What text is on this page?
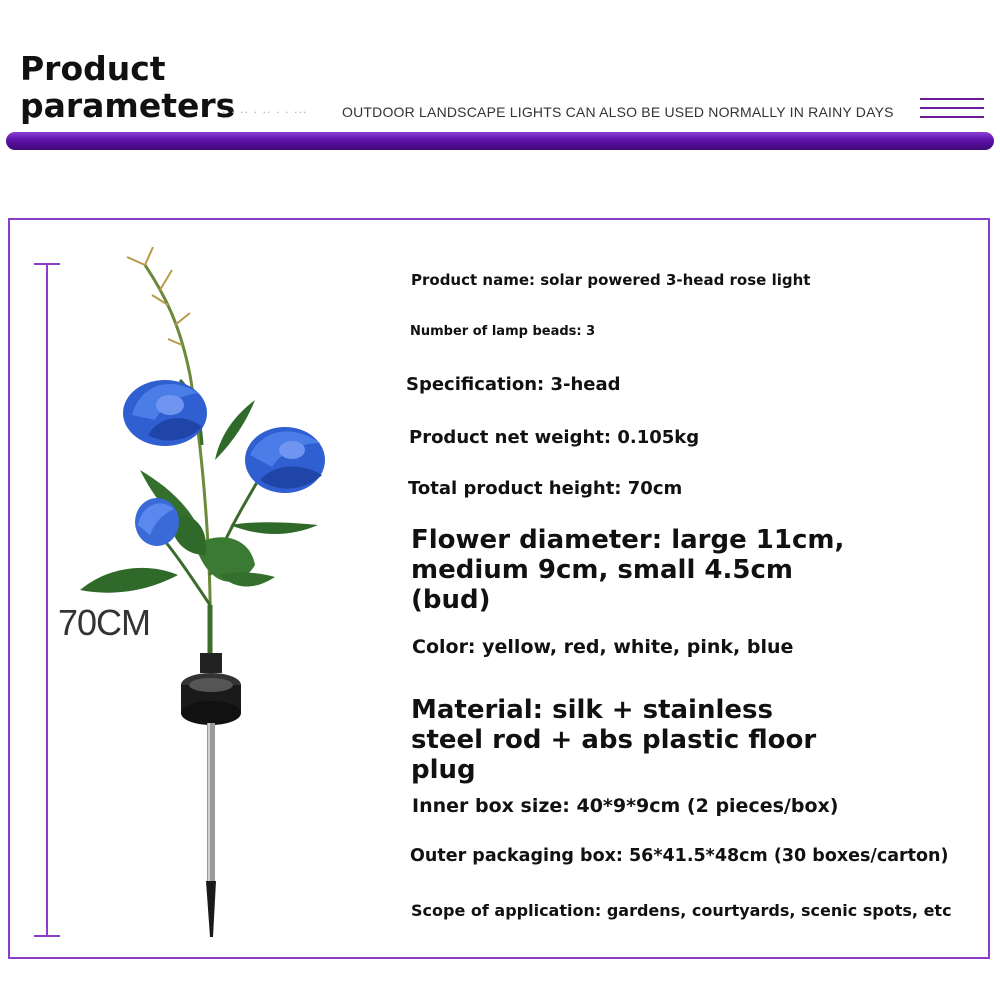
Product
parameters
··· ·· · ·· · · ··· OUTDOOR LANDSCAPE LIGHTS CAN ALSO BE USED NORMALLY IN RAINY DAYS
70CM

Product name: solar powered 3-head rose light

Number of lamp beads: 3

Specification: 3-head

Product net weight: 0.105kg

Total product height: 70cm

Flower diameter: large 11cm, medium 9cm, small 4.5cm (bud)

Color: yellow, red, white, pink, blue

Material: silk + stainless steel rod + abs plastic floor plug

Inner box size: 40*9*9cm (2 pieces/box)

Outer packaging box: 56*41.5*48cm (30 boxes/carton)

Scope of application: gardens, courtyards, scenic spots, etc
